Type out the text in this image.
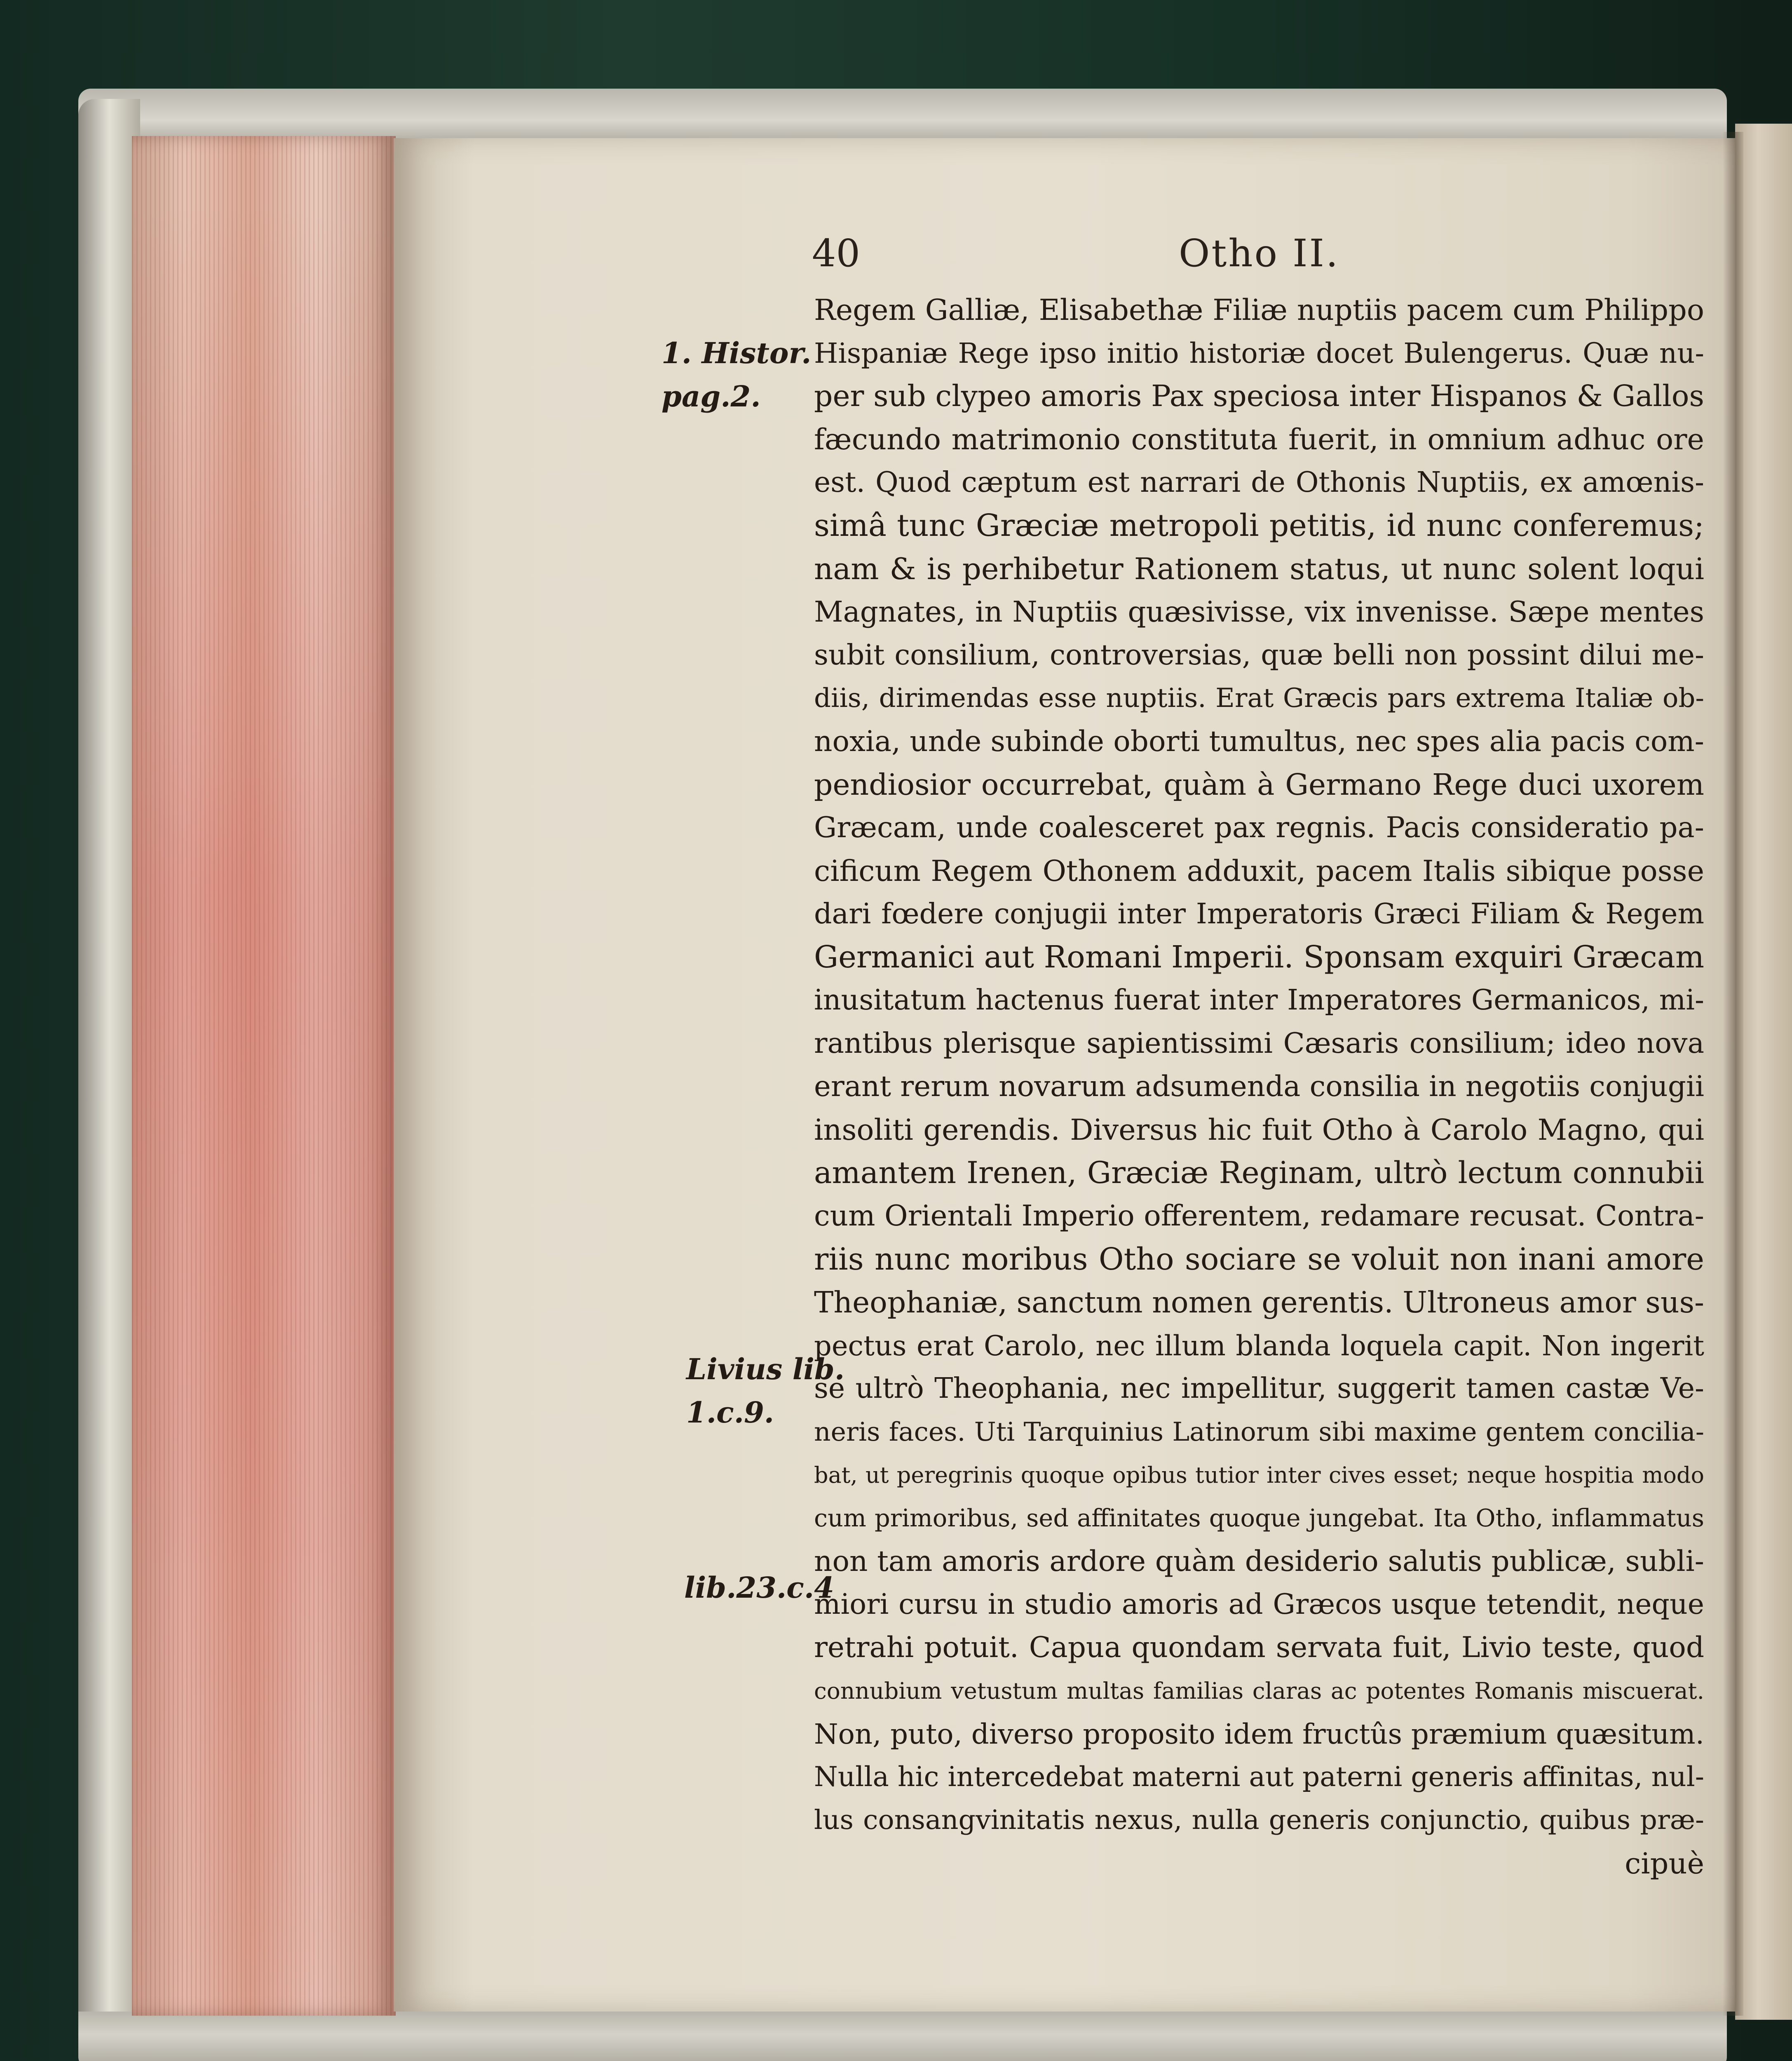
40	Otho II.
1. Histor.
pag.2.
Livius lib.
1.c.9.
lib.23.c.4
Regem Galliæ, Elisabethæ Filiæ nuptiis pacem cum Philippo
Hispaniæ Rege ipso initio historiæ docet Bulengerus. Quæ nu-
per sub clypeo amoris Pax speciosa inter Hispanos & Gallos
fæcundo matrimonio constituta fuerit, in omnium adhuc ore
est. Quod cæptum est narrari de Othonis Nuptiis, ex amœnis-
simâ tunc Græciæ metropoli petitis, id nunc conferemus;
nam & is perhibetur Rationem status, ut nunc solent loqui
Magnates, in Nuptiis quæsivisse, vix invenisse. Sæpe mentes
subit consilium, controversias, quæ belli non possint dilui me-
diis, dirimendas esse nuptiis. Erat Græcis pars extrema Italiæ ob-
noxia, unde subinde oborti tumultus, nec spes alia pacis com-
pendiosior occurrebat, quàm à Germano Rege duci uxorem
Græcam, unde coalesceret pax regnis. Pacis consideratio pa-
cificum Regem Othonem adduxit, pacem Italis sibique posse
dari fœdere conjugii inter Imperatoris Græci Filiam & Regem
Germanici aut Romani Imperii. Sponsam exquiri Græcam
inusitatum hactenus fuerat inter Imperatores Germanicos, mi-
rantibus plerisque sapientissimi Cæsaris consilium; ideo nova
erant rerum novarum adsumenda consilia in negotiis conjugii
insoliti gerendis. Diversus hic fuit Otho à Carolo Magno, qui
amantem Irenen, Græciæ Reginam, ultrò lectum connubii
cum Orientali Imperio offerentem, redamare recusat. Contra-
riis nunc moribus Otho sociare se voluit non inani amore
Theophaniæ, sanctum nomen gerentis. Ultroneus amor sus-
pectus erat Carolo, nec illum blanda loquela capit. Non ingerit
se ultrò Theophania, nec impellitur, suggerit tamen castæ Ve-
neris faces. Uti Tarquinius Latinorum sibi maxime gentem concilia-
bat, ut peregrinis quoque opibus tutior inter cives esset; neque hospitia modo
cum primoribus, sed affinitates quoque jungebat. Ita Otho, inflammatus
non tam amoris ardore quàm desiderio salutis publicæ, subli-
miori cursu in studio amoris ad Græcos usque tetendit, neque
retrahi potuit. Capua quondam servata fuit, Livio teste, quod
connubium vetustum multas familias claras ac potentes Romanis miscuerat.
Non, puto, diverso proposito idem fructûs præmium quæsitum.
Nulla hic intercedebat materni aut paterni generis affinitas, nul-
lus consangvinitatis nexus, nulla generis conjunctio, quibus præ-
cipuè
